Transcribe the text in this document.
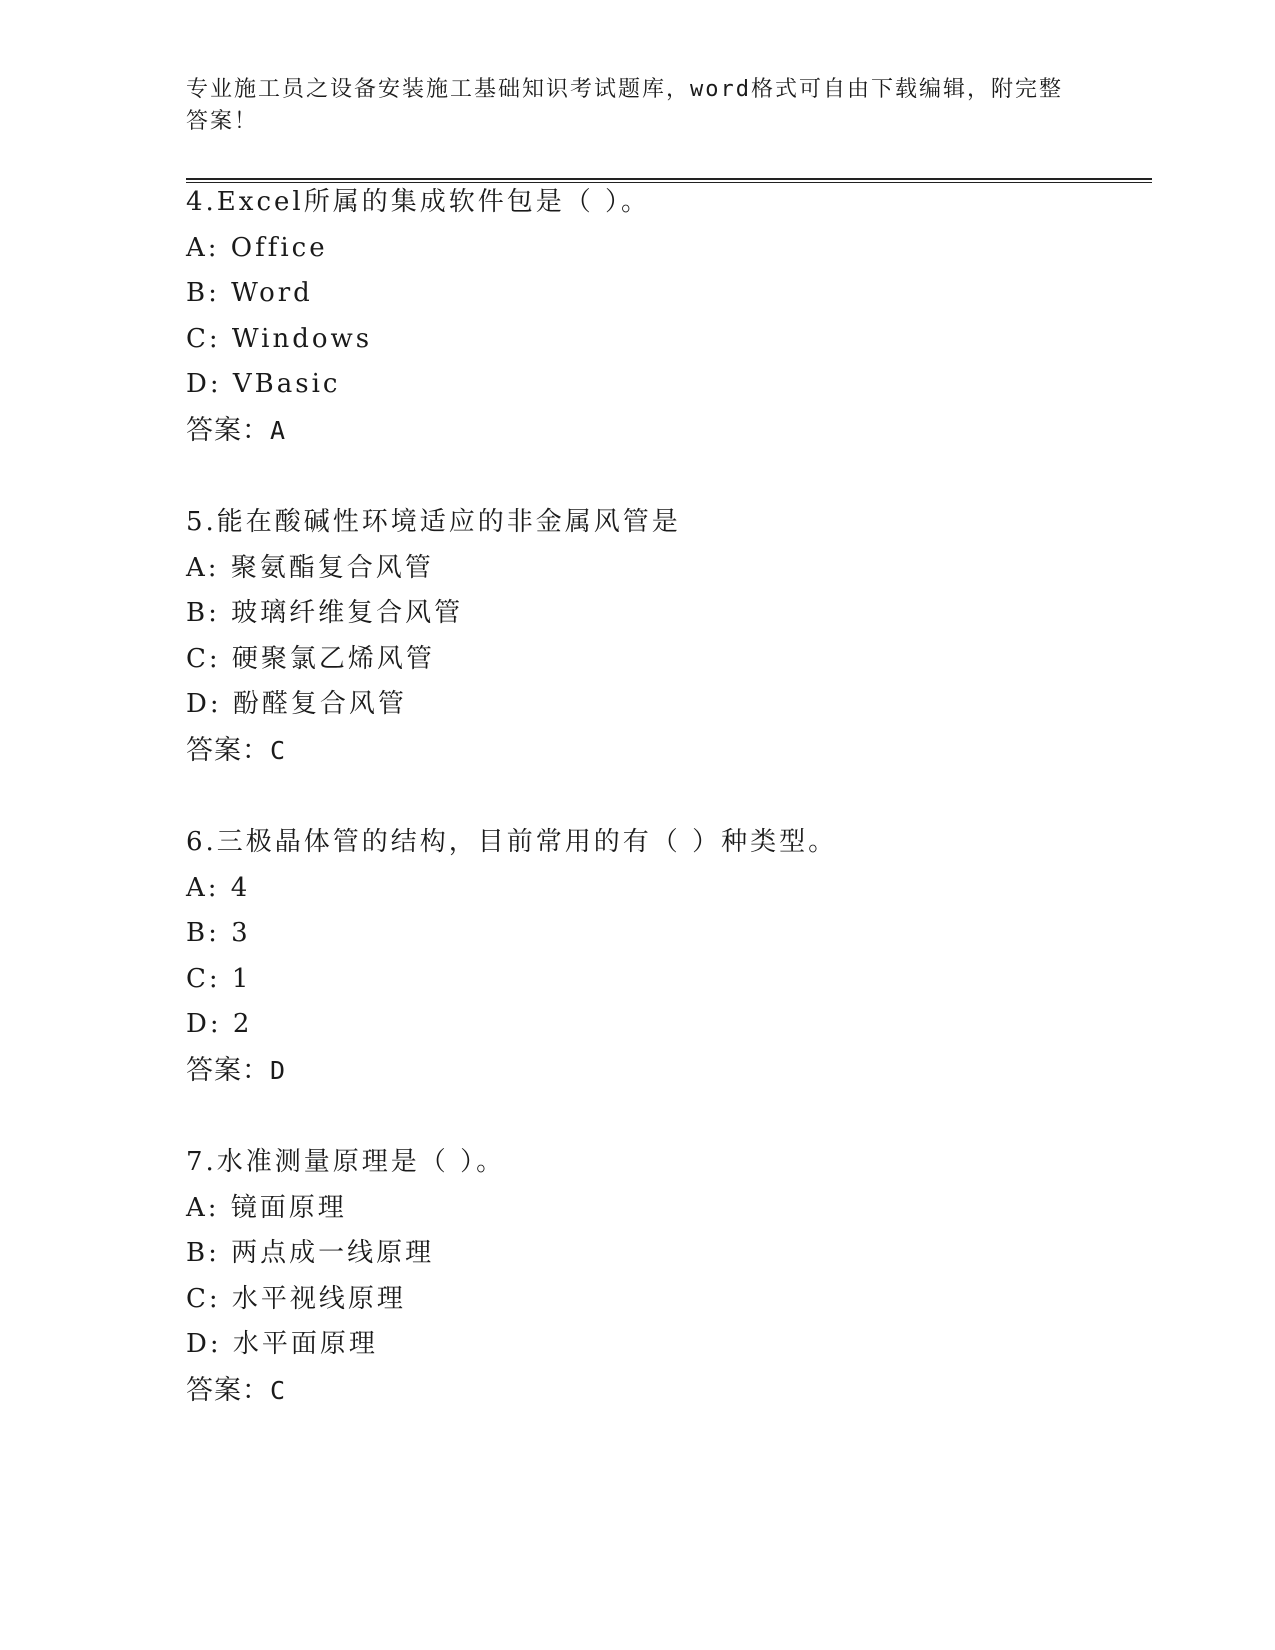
专业施工员之设备安装施工基础知识考试题库，word格式可自由下载编辑，附完整答案！
4.Excel所属的集成软件包是（ ）。
A: Office
B: Word
C: Windows
D: VBasic
答案：A
5.能在酸碱性环境适应的非金属风管是
A: 聚氨酯复合风管
B: 玻璃纤维复合风管
C: 硬聚氯乙烯风管
D: 酚醛复合风管
答案：C
6.三极晶体管的结构，目前常用的有（ ）种类型。
A: 4
B: 3
C: 1
D: 2
答案：D
7.水准测量原理是（ ）。
A: 镜面原理
B: 两点成一线原理
C: 水平视线原理
D: 水平面原理
答案：C
